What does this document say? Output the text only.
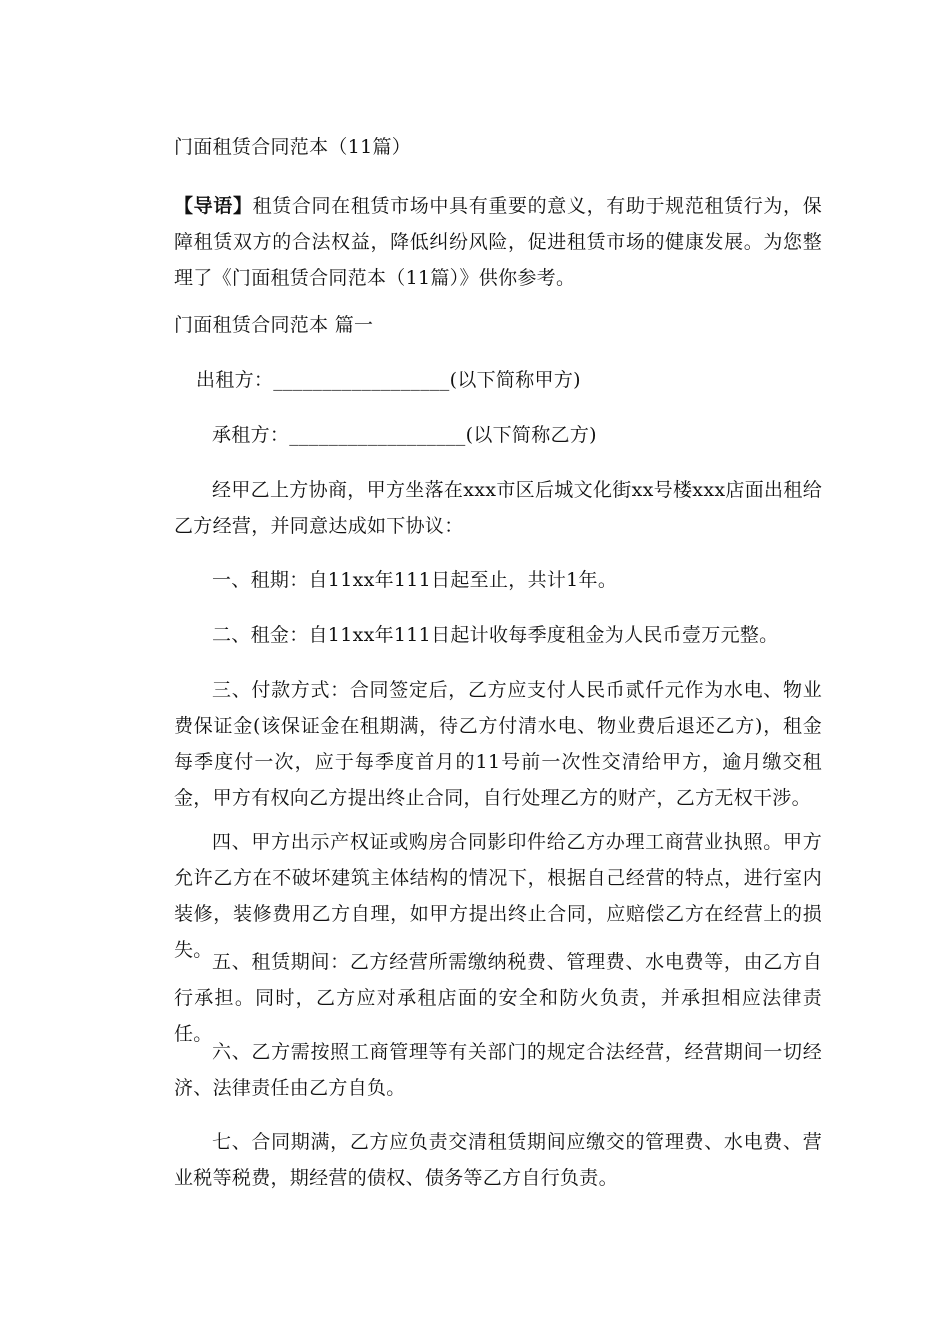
门面租赁合同范本（11篇）
【导语】租赁合同在租赁市场中具有重要的意义，有助于规范租赁行为，保障租赁双方的合法权益，降低纠纷风险，促进租赁市场的健康发展。为您整理了《门面租赁合同范本（11篇）》供你参考。
门面租赁合同范本 篇一
出租方：__________________(以下简称甲方)
承租方：__________________(以下简称乙方)
经甲乙上方协商，甲方坐落在xxx市区后城文化街xx号楼xxx店面出租给乙方经营，并同意达成如下协议：
一、租期：自11xx年111日起至止，共计1年。
二、租金：自11xx年111日起计收每季度租金为人民币壹万元整。
三、付款方式：合同签定后，乙方应支付人民币贰仟元作为水电、物业费保证金(该保证金在租期满，待乙方付清水电、物业费后退还乙方)，租金每季度付一次，应于每季度首月的11号前一次性交清给甲方，逾月缴交租金，甲方有权向乙方提出终止合同，自行处理乙方的财产，乙方无权干涉。
四、甲方出示产权证或购房合同影印件给乙方办理工商营业执照。甲方允许乙方在不破坏建筑主体结构的情况下，根据自己经营的特点，进行室内装修，装修费用乙方自理，如甲方提出终止合同，应赔偿乙方在经营上的损失。
五、租赁期间：乙方经营所需缴纳税费、管理费、水电费等，由乙方自行承担。同时，乙方应对承租店面的安全和防火负责，并承担相应法律责任。
六、乙方需按照工商管理等有关部门的规定合法经营，经营期间一切经济、法律责任由乙方自负。
七、合同期满，乙方应负责交清租赁期间应缴交的管理费、水电费、营业税等税费，期经营的债权、债务等乙方自行负责。
